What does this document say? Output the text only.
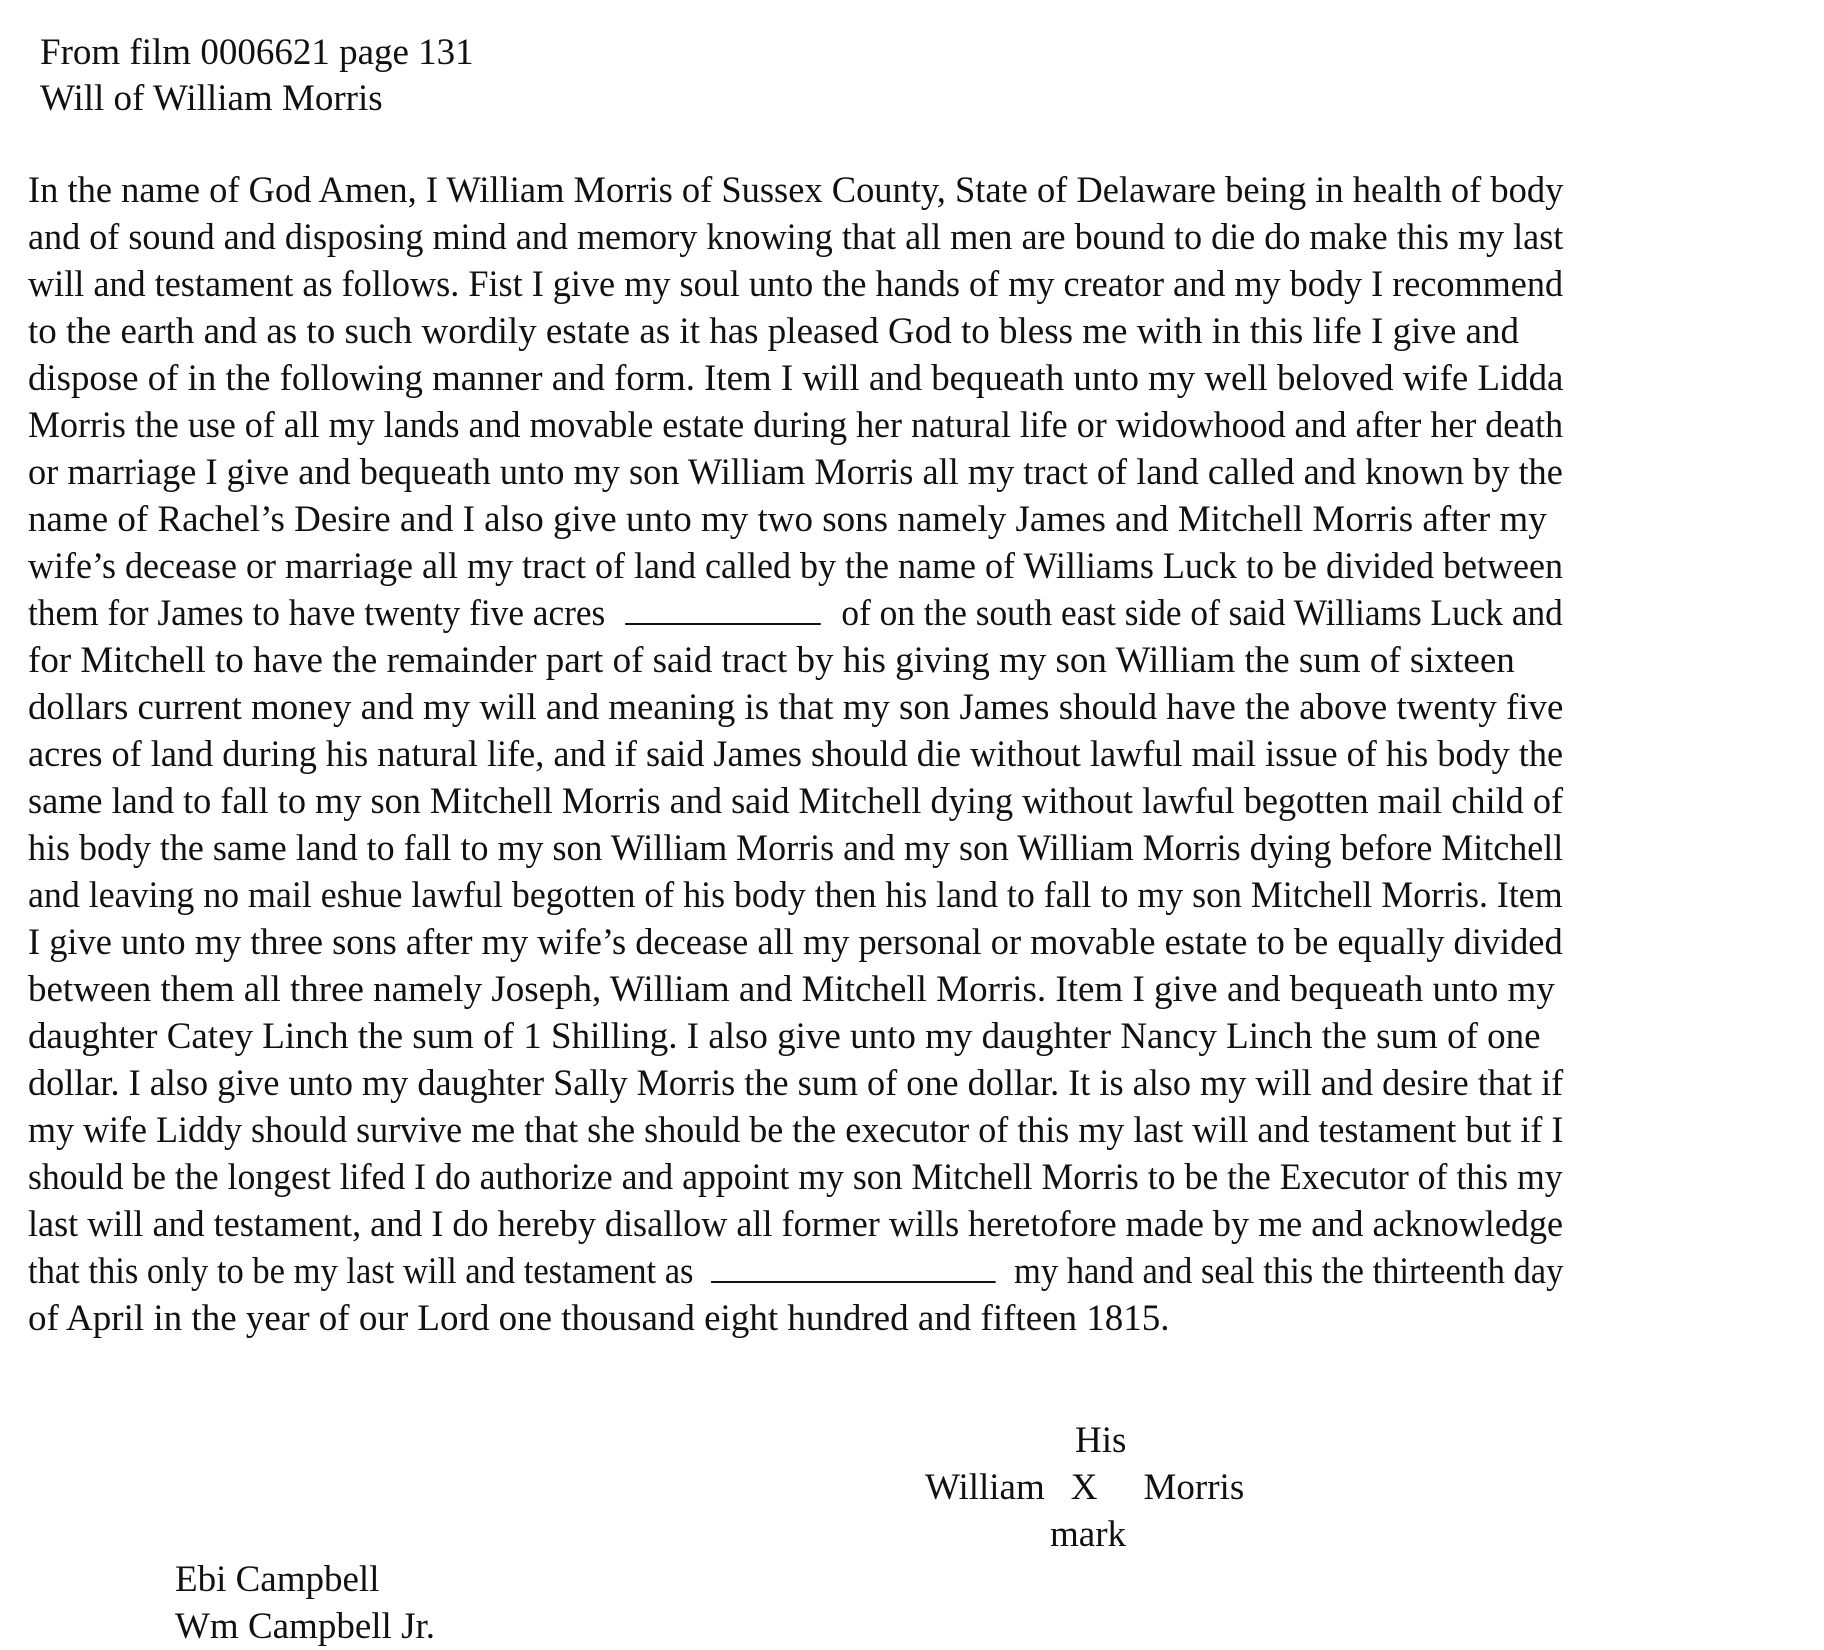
From film 0006621 page 131
Will of William Morris
In the name of God Amen, I William Morris of Sussex County, State of Delaware being in health of body
and of sound and disposing mind and memory knowing that all men are bound to die do make this my last
will and testament as follows. Fist I give my soul unto the hands of my creator and my body I recommend
to the earth and as to such wordily estate as it has pleased God to bless me with in this life I give and
dispose of in the following manner and form. Item I will and bequeath unto my well beloved wife Lidda
Morris the use of all my lands and movable estate during her natural life or widowhood and after her death
or marriage I give and bequeath unto my son William Morris all my tract of land called and known by the
name of Rachel’s Desire and I also give unto my two sons namely James and Mitchell Morris after my
wife’s decease or marriage all my tract of land called by the name of Williams Luck to be divided between
them for James to have twenty five acres	of on the south east side of said Williams Luck and
for Mitchell to have the remainder part of said tract by his giving my son William the sum of sixteen
dollars current money and my will and meaning is that my son James should have the above twenty five
acres of land during his natural life, and if said James should die without lawful mail issue of his body the
same land to fall to my son Mitchell Morris and said Mitchell dying without lawful begotten mail child of
his body the same land to fall to my son William Morris and my son William Morris dying before Mitchell
and leaving no mail eshue lawful begotten of his body then his land to fall to my son Mitchell Morris. Item
I give unto my three sons after my wife’s decease all my personal or movable estate to be equally divided
between them all three namely Joseph, William and Mitchell Morris. Item I give and bequeath unto my
daughter Catey Linch the sum of 1 Shilling. I also give unto my daughter Nancy Linch the sum of one
dollar. I also give unto my daughter Sally Morris the sum of one dollar. It is also my will and desire that if
my wife Liddy should survive me that she should be the executor of this my last will and testament but if I
should be the longest lifed I do authorize and appoint my son Mitchell Morris to be the Executor of this my
last will and testament, and I do hereby disallow all former wills heretofore made by me and acknowledge
that this only to be my last will and testament as	my hand and seal this the thirteenth day
of April in the year of our Lord one thousand eight hundred and fifteen 1815.
His
William X Morris
mark
Ebi Campbell
Wm Campbell Jr.
